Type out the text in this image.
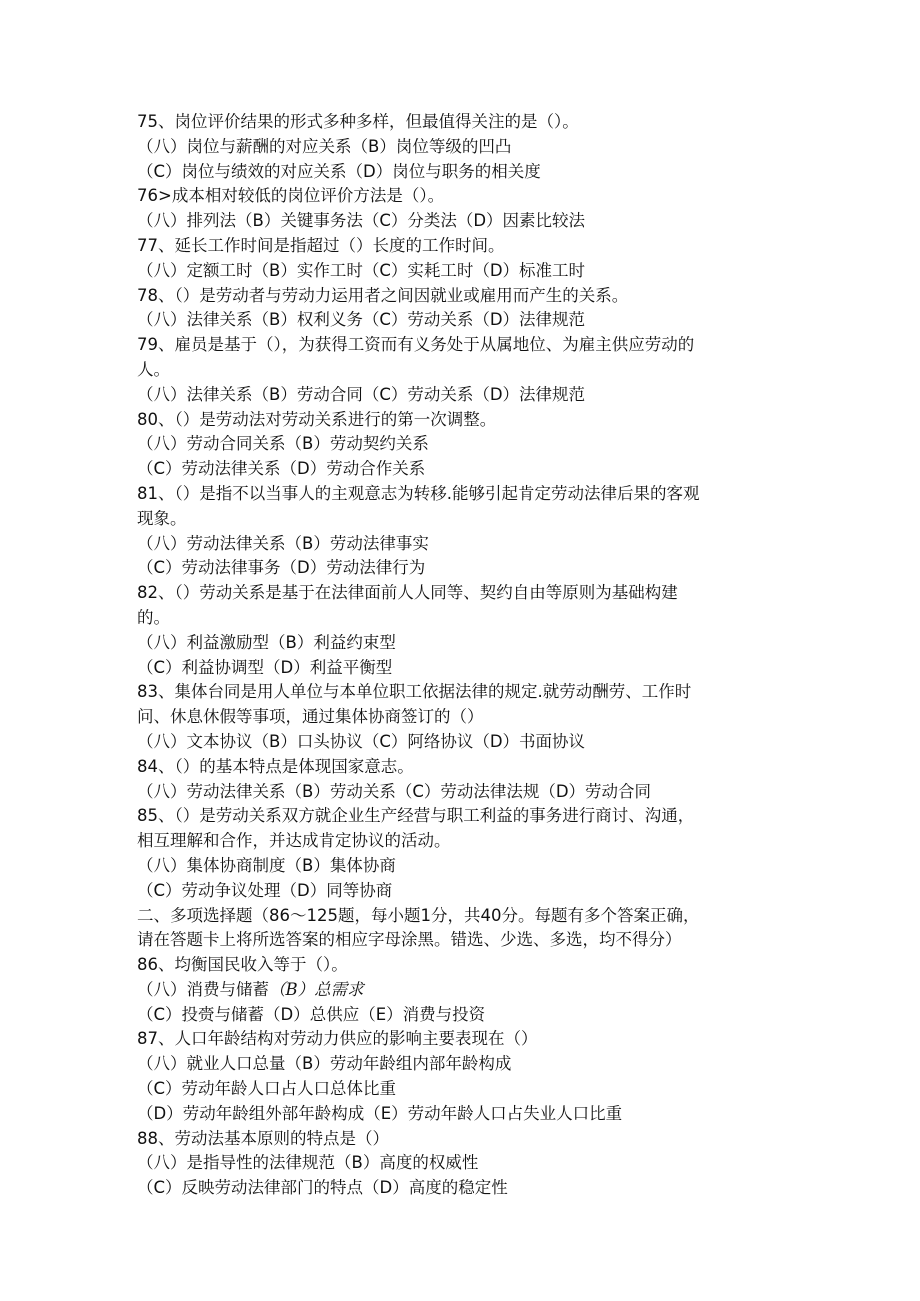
75、岗位评价结果的形式多种多样，但最值得关注的是（）。

（八）岗位与薪酬的对应关系（B）岗位等级的凹凸

（C）岗位与绩效的对应关系（D）岗位与职务的相关度

76>成本相对较低的岗位评价方法是（）。

（八）排列法（B）关键事务法（C）分类法（D）因素比较法

77、延长工作时间是指超过（）长度的工作时间。

（八）定额工时（B）实作工时（C）实耗工时（D）标准工时

78、（）是劳动者与劳动力运用者之间因就业或雇用而产生的关系。

（八）法律关系（B）权利义务（C）劳动关系（D）法律规范

79、雇员是基于（），为获得工资而有义务处于从属地位、为雇主供应劳动的

人。

（八）法律关系（B）劳动合同（C）劳动关系（D）法律规范

80、（）是劳动法对劳动关系进行的第一次调整。

（八）劳动合同关系（B）劳动契约关系

（C）劳动法律关系（D）劳动合作关系

81、（）是指不以当事人的主观意志为转移.能够引起肯定劳动法律后果的客观

现象。

（八）劳动法律关系（B）劳动法律事实

（C）劳动法律事务（D）劳动法律行为

82、（）劳动关系是基于在法律面前人人同等、契约自由等原则为基础构建

的。

（八）利益激励型（B）利益约束型

（C）利益协调型（D）利益平衡型

83、集体台同是用人单位与本单位职工依据法律的规定.就劳动酬劳、工作时

问、休息休假等事项，通过集体协商签订的（）

（八）文本协议（B）口头协议（C）阿络协议（D）书面协议

84、（）的基本特点是体现国家意志。

（八）劳动法律关系（B）劳动关系（C）劳动法律法规（D）劳动合同

85、（）是劳动关系双方就企业生产经营与职工利益的事务进行商讨、沟通，

相互理解和合作，并达成肯定协议的活动。

（八）集体协商制度（B）集体协商

（C）劳动争议处理（D）同等协商

二、多项选择题（86～125题，每小题1分，共40分。每题有多个答案正确，

请在答题卡上将所选答案的相应字母涂黑。错选、少选、多选，均不得分）

86、均衡国民收入等于（）。

（八）消费与储蓄（B）总需求

（C）投赍与储蓄（D）总供应（E）消费与投资

87、人口年龄结构对劳动力供应的影响主要表现在（）

（八）就业人口总量（B）劳动年龄组内部年龄构成

（C）劳动年龄人口占人口总体比重

（D）劳动年龄组外部年龄构成（E）劳动年龄人口占失业人口比重

88、劳动法基本原则的特点是（）

（八）是指导性的法律规范（B）高度的权威性

（C）反映劳动法律部门的特点（D）高度的稳定性
